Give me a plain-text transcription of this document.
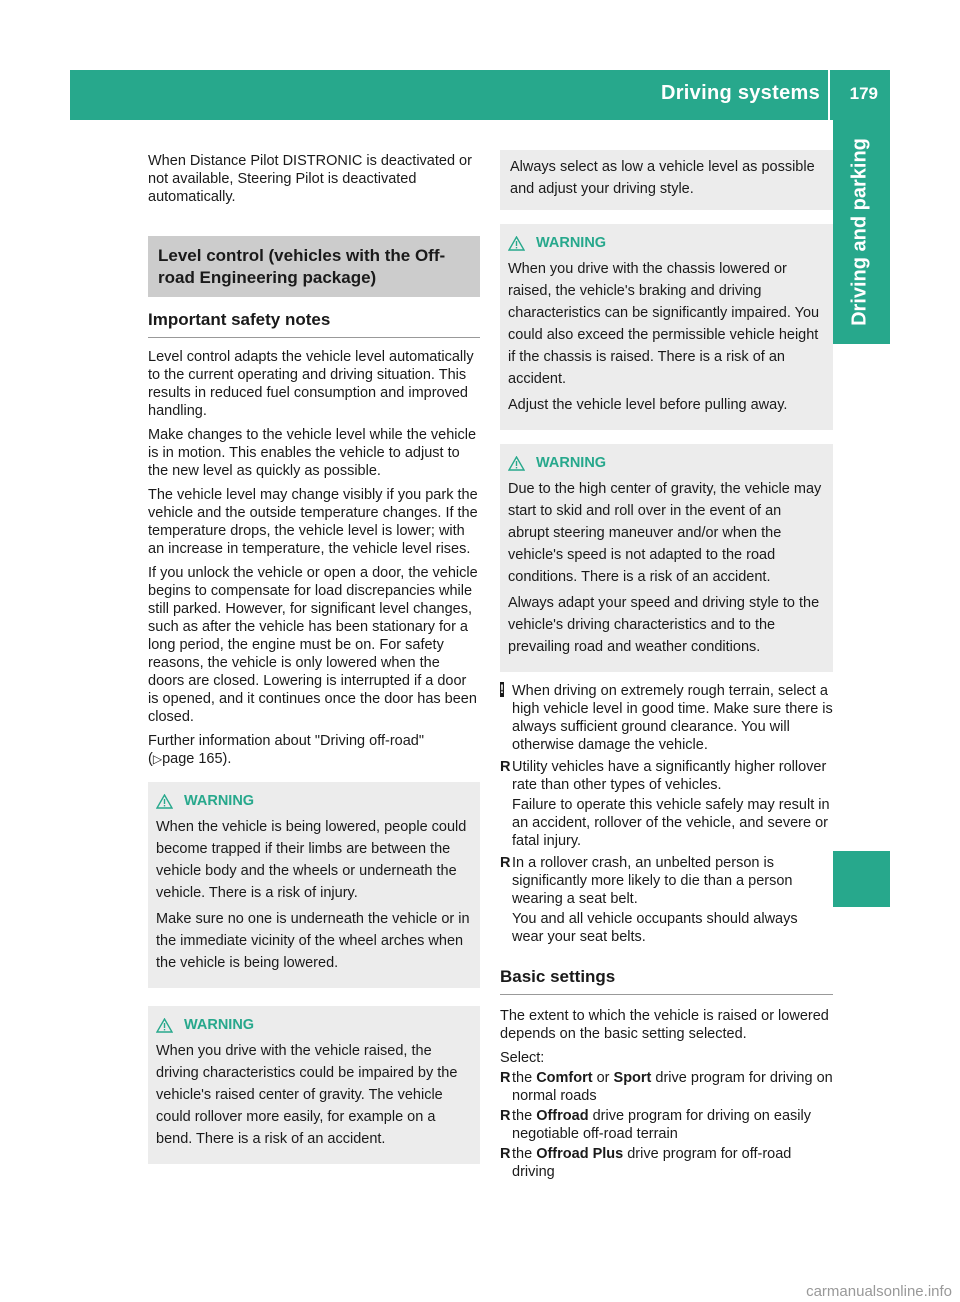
Driving systems 179
Driving and parking

When Distance Pilot DISTRONIC is deactivated or not available, Steering Pilot is deactivated automatically.

Level control (vehicles with the Off-road Engineering package)
Important safety notes

Level control adapts the vehicle level automatically to the current operating and driving situation. This results in reduced fuel consumption and improved handling.

Make changes to the vehicle level while the vehicle is in motion. This enables the vehicle to adjust to the new level as quickly as possible.

The vehicle level may change visibly if you park the vehicle and the outside temperature changes. If the temperature drops, the vehicle level is lower; with an increase in temperature, the vehicle level rises.

If you unlock the vehicle or open a door, the vehicle begins to compensate for load discrepancies while still parked. However, for significant level changes, such as after the vehicle has been stationary for a long period, the engine must be on. For safety reasons, the vehicle is only lowered when the doors are closed. Lowering is interrupted if a door is opened, and it continues once the door has been closed.

Further information about "Driving off-road"

(▷page 165).

WARNING

When the vehicle is being lowered, people could become trapped if their limbs are between the vehicle body and the wheels or underneath the vehicle. There is a risk of injury.

Make sure no one is underneath the vehicle or in the immediate vicinity of the wheel arches when the vehicle is being lowered.

WARNING

When you drive with the vehicle raised, the driving characteristics could be impaired by the vehicle's raised center of gravity. The vehicle could rollover more easily, for example on a bend. There is a risk of an accident.

Always select as low a vehicle level as possible and adjust your driving style.
WARNING

When you drive with the chassis lowered or raised, the vehicle's braking and driving characteristics can be significantly impaired. You could also exceed the permissible vehicle height if the chassis is raised. There is a risk of an accident.

Adjust the vehicle level before pulling away.

WARNING

Due to the high center of gravity, the vehicle may start to skid and roll over in the event of an abrupt steering maneuver and/or when the vehicle's speed is not adapted to the road conditions. There is a risk of an accident.

Always adapt your speed and driving style to the vehicle's driving characteristics and to the prevailing road and weather conditions.

! When driving on extremely rough terrain, select a high vehicle level in good time. Make sure there is always sufficient ground clearance. You will otherwise damage the vehicle.
R Utility vehicles have a significantly higher rollover rate than other types of vehicles.

Failure to operate this vehicle safely may result in an accident, rollover of the vehicle, and severe or fatal injury.

R In a rollover crash, an unbelted person is significantly more likely to die than a person wearing a seat belt.

You and all vehicle occupants should always wear your seat belts.

Basic settings

The extent to which the vehicle is raised or lowered depends on the basic setting selected.

Select:

R the Comfort or Sport drive program for driving on normal roads
R the Offroad drive program for driving on easily negotiable off-road terrain
R the Offroad Plus drive program for off-road driving
carmanualsonline.info
